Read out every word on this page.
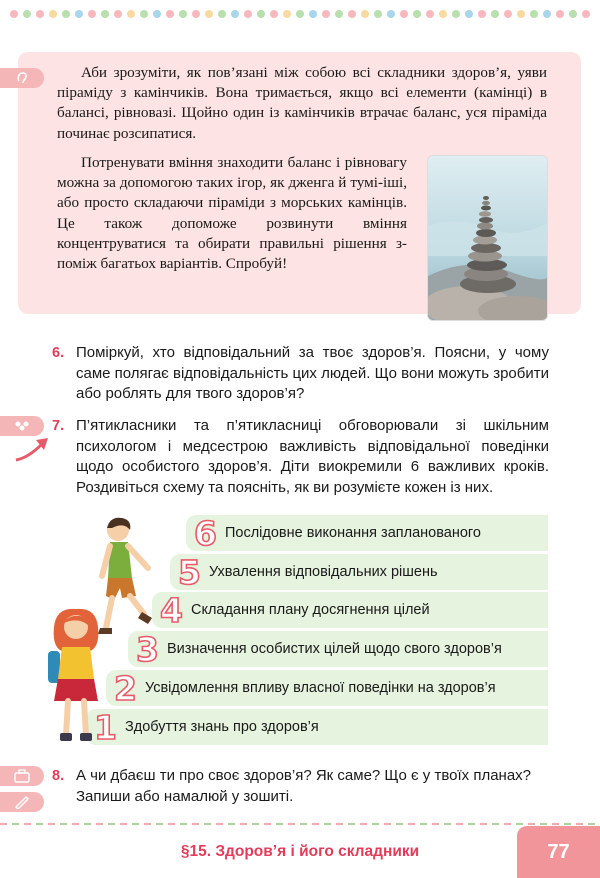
Аби зрозуміти, як пов’язані між собою всі складники здоров’я, уяви піраміду з камінчиків. Вона тримається, якщо всі елементи (камінці) в балансі, рівновазі. Щойно один із камінчиків втрачає баланс, уся піраміда починає розсипатися.

Потренувати вміння знаходити баланс і рівновагу можна за допомогою таких ігор, як дженга й тумі-іші, або просто складаючи піраміди з морських камінців. Це також допоможе розвинути вміння концентруватися та обирати правильні рішення з-поміж багатьох варіантів. Спробуй!

6. Поміркуй, хто відповідальний за твоє здоров’я. Поясни, у чому саме полягає відповідальність цих людей. Що вони можуть зробити або роблять для твого здоров’я?

7. П’ятикласники та п’ятикласниці обговорювали зі шкільним психологом і медсестрою важливість відповідальної поведінки щодо особистого здоров’я. Діти виокремили 6 важливих кроків. Роздивіться схему та поясніть, як ви розумієте кожен із них.

6 Послідовне виконання запланованого
5 Ухвалення відповідальних рішень
4 Складання плану досягнення цілей
3 Визначення особистих цілей щодо свого здоров’я
2 Усвідомлення впливу власної поведінки на здоров’я
1 Здобуття знань про здоров’я
8. А чи дбаєш ти про своє здоров’я? Як саме? Що є у твоїх планах? Запиши або намалюй у зошиті.

§15. Здоров’я і його складники	77
